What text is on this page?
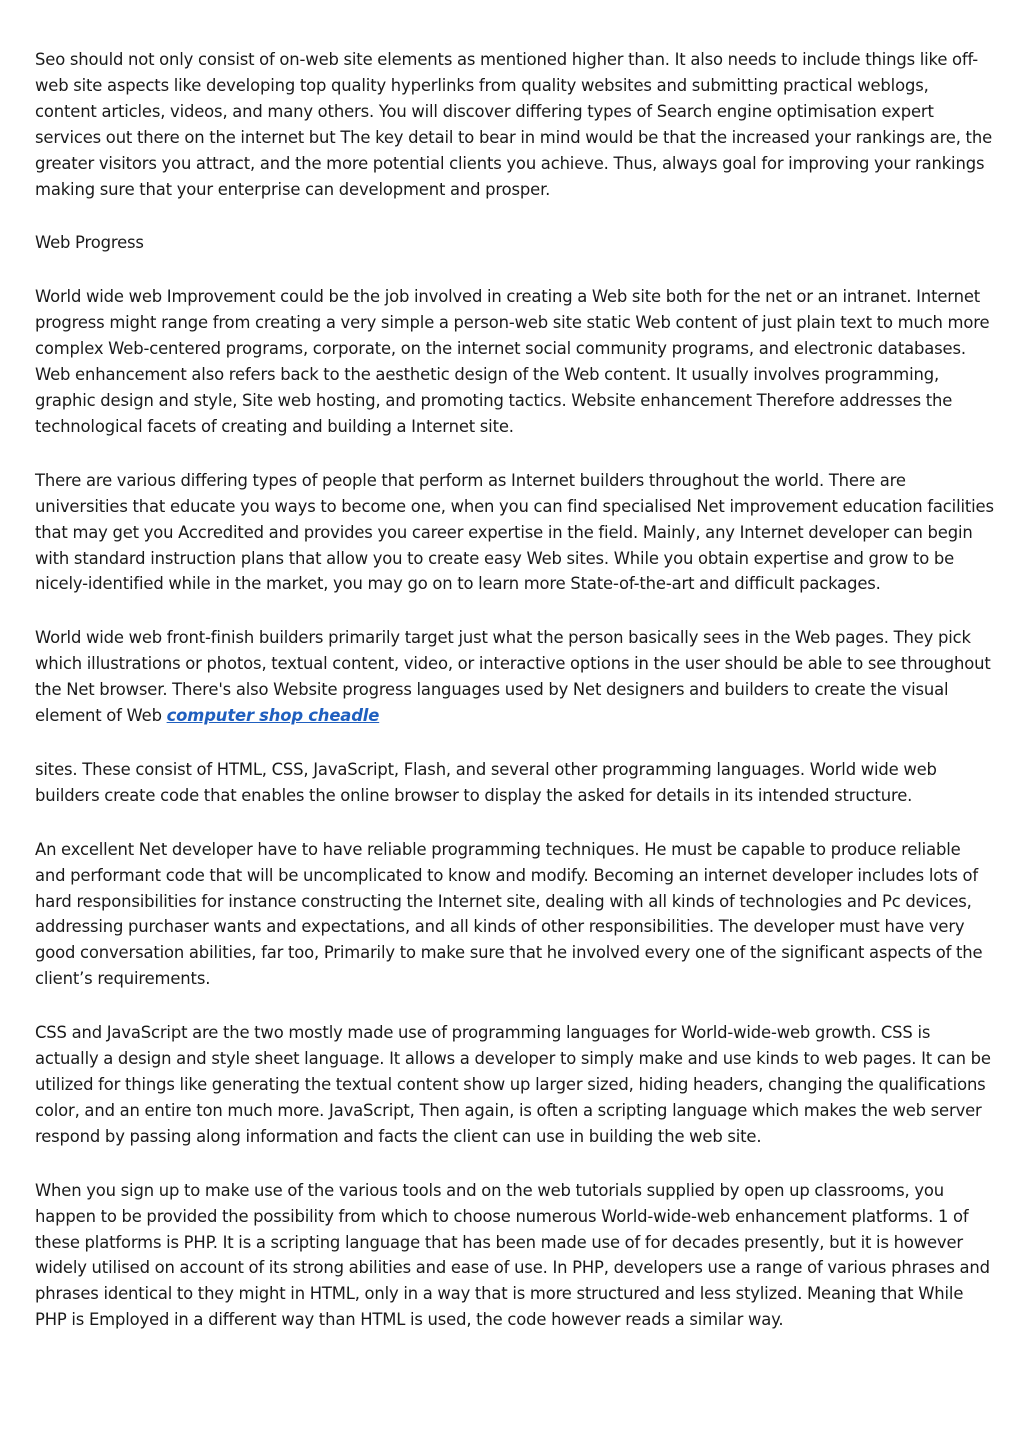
Seo should not only consist of on-web site elements as mentioned higher than. It also needs to include things like off-web site aspects like developing top quality hyperlinks from quality websites and submitting practical weblogs, content articles, videos, and many others. You will discover differing types of Search engine optimisation expert services out there on the internet but The key detail to bear in mind would be that the increased your rankings are, the greater visitors you attract, and the more potential clients you achieve. Thus, always goal for improving your rankings making sure that your enterprise can development and prosper.

Web Progress

World wide web Improvement could be the job involved in creating a Web site both for the net or an intranet. Internet progress might range from creating a very simple a person-web site static Web content of just plain text to much more complex Web-centered programs, corporate, on the internet social community programs, and electronic databases. Web enhancement also refers back to the aesthetic design of the Web content. It usually involves programming, graphic design and style, Site web hosting, and promoting tactics. Website enhancement Therefore addresses the technological facets of creating and building a Internet site.

There are various differing types of people that perform as Internet builders throughout the world. There are universities that educate you ways to become one, when you can find specialised Net improvement education facilities that may get you Accredited and provides you career expertise in the field. Mainly, any Internet developer can begin with standard instruction plans that allow you to create easy Web sites. While you obtain expertise and grow to be nicely-identified while in the market, you may go on to learn more State-of-the-art and difficult packages.

World wide web front-finish builders primarily target just what the person basically sees in the Web pages. They pick which illustrations or photos, textual content, video, or interactive options in the user should be able to see throughout the Net browser. There's also Website progress languages used by Net designers and builders to create the visual element of Web computer shop cheadle

sites. These consist of HTML, CSS, JavaScript, Flash, and several other programming languages. World wide web builders create code that enables the online browser to display the asked for details in its intended structure.

An excellent Net developer have to have reliable programming techniques. He must be capable to produce reliable and performant code that will be uncomplicated to know and modify. Becoming an internet developer includes lots of hard responsibilities for instance constructing the Internet site, dealing with all kinds of technologies and Pc devices, addressing purchaser wants and expectations, and all kinds of other responsibilities. The developer must have very good conversation abilities, far too, Primarily to make sure that he involved every one of the significant aspects of the client’s requirements.

CSS and JavaScript are the two mostly made use of programming languages for World-wide-web growth. CSS is actually a design and style sheet language. It allows a developer to simply make and use kinds to web pages. It can be utilized for things like generating the textual content show up larger sized, hiding headers, changing the qualifications color, and an entire ton much more. JavaScript, Then again, is often a scripting language which makes the web server respond by passing along information and facts the client can use in building the web site.

When you sign up to make use of the various tools and on the web tutorials supplied by open up classrooms, you happen to be provided the possibility from which to choose numerous World-wide-web enhancement platforms. 1 of these platforms is PHP. It is a scripting language that has been made use of for decades presently, but it is however widely utilised on account of its strong abilities and ease of use. In PHP, developers use a range of various phrases and phrases identical to they might in HTML, only in a way that is more structured and less stylized. Meaning that While PHP is Employed in a different way than HTML is used, the code however reads a similar way.
